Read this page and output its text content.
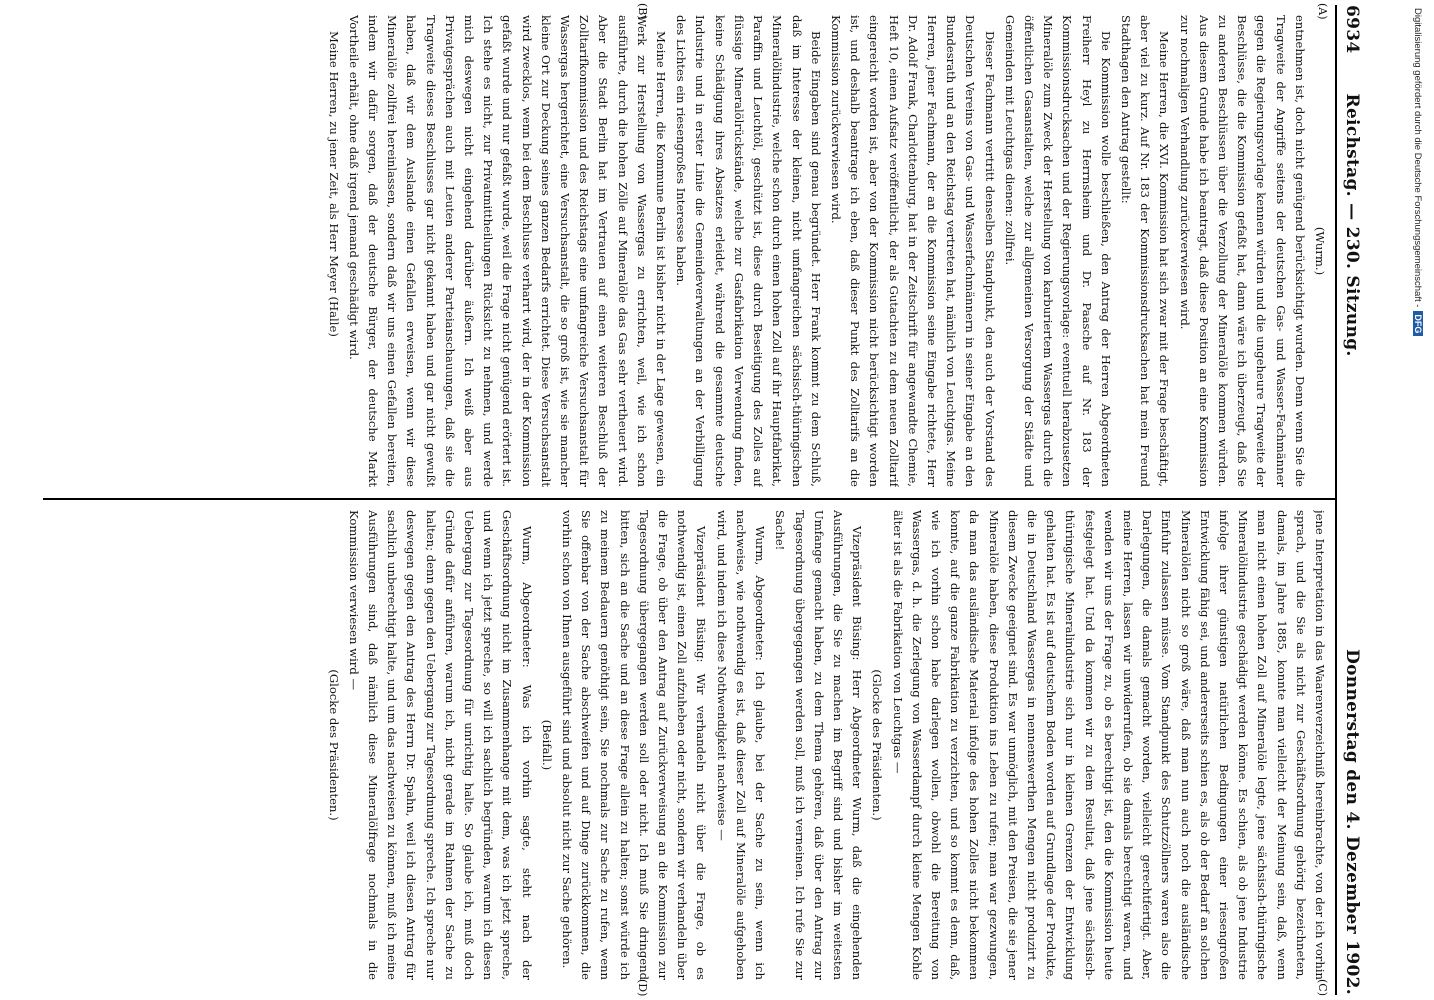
6934
Reichstag. — 230. Sitzung.
Donnerstag den 4. Dezember 1902.

(Wurm.)

entnehmen ist, doch nicht genügend berücksichtigt wurden. Denn wenn Sie die Tragweite der Angriffe seitens der deutschen Gas- und Wasser-Fachmänner gegen die Regierungsvorlage kennen würden und die ungeheure Tragweite der Beschlüsse, die die Kommission gefaßt hat, dann wäre ich überzeugt, daß Sie zu anderen Beschlüssen über die Verzollung der Mineralöle kommen würden. Aus diesem Grunde habe ich beantragt, daß diese Position an eine Kommission zur nochmaligen Verhandlung zurückverwiesen wird.

Meine Herren, die XVI. Kommission hat sich zwar mit der Frage beschäftigt, aber viel zu kurz. Auf Nr. 183 der Kommissionsdrucksachen hat mein Freund Stadthagen den Antrag gestellt:

Die Kommission wolle beschließen, den Antrag der Herren Abgeordneten Freiherr Heyl zu Herrnsheim und Dr. Paasche auf Nr. 183 der Kommissionsdrucksachen und der Regierungsvorlage: eventuell herabzusetzen Mineralöle zum Zweck der Herstellung von karburiertem Wassergas durch die öffentlichen Gasanstalten, welche zur allgemeinen Versorgung der Städte und Gemeinden mit Leuchtgas dienen: zollfrei.

Dieser Fachmann vertritt denselben Standpunkt, den auch der Vorstand des Deutschen Vereins von Gas- und Wasserfachmännern in seiner Eingabe an den Bundesrath und an den Reichstag vertreten hat, nämlich von Leuchtgas. Meine Herren, jener Fachmann, der an die Kommission seine Eingabe richtete, Herr Dr. Adolf Frank, Charlottenburg, hat in der Zeitschrift für angewandte Chemie, Heft 10, einen Aufsatz veröffentlicht, der als Gutachten zu dem neuen Zolltarif eingereicht worden ist, aber von der Kommission nicht berücksichtigt worden ist, und deshalb beantrage ich eben, daß dieser Punkt des Zolltarifs an die Kommission zurückverwiesen wird.

Beide Eingaben sind genau begründet. Herr Frank kommt zu dem Schluß, daß im Interesse der kleinen, nicht umfangreichen sächsisch-thüringischen Mineralölindustrie, welche schon durch einen hohen Zoll auf ihr Hauptfabrikat, Paraffin und Leuchtöl, geschützt ist, diese durch Beseitigung des Zolles auf flüssige Mineralölrückstände, welche zur Gasfabrikation Verwendung finden, keine Schädigung ihres Absatzes erleidet, während die gesammte deutsche Industrie und in erster Linie die Gemeindeverwaltungen an der Verbilligung des Lichtes ein riesengroßes Interesse haben.

Meine Herren, die Kommune Berlin ist bisher nicht in der Lage gewesen, ein Werk zur Herstellung von Wassergas zu errichten, weil, wie ich schon ausführte, durch die hohen Zölle auf Mineralöle das Gas sehr vertheuert wird. Aber die Stadt Berlin hat im Vertrauen auf einen weiteren Beschluß der Zolltarifkommission und des Reichstags eine umfangreiche Versuchsanstalt für Wassergas hergerichtet, eine Versuchsanstalt, die so groß ist, wie sie mancher kleine Ort zur Deckung seines ganzen Bedarfs errichtet. Diese Versuchsanstalt wird zwecklos, wenn bei dem Beschlusse verharrt wird, der in der Kommission gefaßt wurde und nur gefaßt wurde, weil die Frage nicht genügend erörtert ist. Ich stehe es nicht, zur Privatmittheilungen Rücksicht zu nehmen, und werde mich deswegen nicht eingehend darüber äußern. Ich weiß aber aus Privatgesprächen auch mit Leuten anderer Parteianschauungen, daß sie die Tragweite dieses Beschlusses gar nicht gekannt haben und gar nicht gewußt haben, daß wir dem Auslande einen Gefallen erweisen, wenn wir diese Mineralöle zollfrei hereinlassen, sondern daß wir uns einen Gefallen bereiten, indem wir dafür sorgen, daß der deutsche Bürger, der deutsche Markt Vortheile erhält, ohne daß irgend jemand geschädigt wird.

Meine Herren, zu jener Zeit, als Herr Meyer (Halle)

jene Interpretation in das Waarenverzeichniß hereinbrachte, von der ich vorhin sprach, und die Sie als nicht zur Geschäftsordnung gehörig bezeichneten, damals, im Jahre 1885, konnte man vielleicht der Meinung sein, daß, wenn man nicht einen hohen Zoll auf Mineralöle legte, jene sächsisch-thüringische Mineralölindustrie geschädigt werden könne. Es schien, als ob jene Industrie infolge ihrer günstigen natürlichen Bedingungen einer riesengroßen Entwicklung fähig sei, und andererseits schien es, als ob der Bedarf an solchen Mineralölen nicht so groß wäre, daß man nun auch noch die ausländische Einfuhr zulassen müsse. Vom Standpunkt des Schutzzöllners waren also die Darlegungen, die damals gemacht worden, vielleicht gerechtfertigt. Aber, meine Herren, lassen wir unwiderrufen, ob sie damals berechtigt waren, und wenden wir uns der Frage zu, ob es berechtigt ist, den die Kommission heute festgelegt hat. Und da kommen wir zu dem Resultat, daß jene sächsisch-thüringische Mineralindustrie sich nur in kleinen Grenzen der Entwicklung gehalten hat. Es ist auf deutschem Boden worden auf Grundlage der Produkte, die in Deutschland Wassergas in nennenswerthen Mengen nicht produzirt zu diesem Zwecke geeignet sind. Es war unmöglich, mit den Preisen, die sie jener Mineralöle haben, diese Produktion ins Leben zu rufen; man war gezwungen, da man das ausländische Material infolge des hohen Zolles nicht bekommen konnte, auf die ganze Fabrikation zu verzichten, und so kommt es denn, daß, wie ich vorhin schon habe darlegen wollen, obwohl die Bereitung von Wassergas, d. h. die Zerlegung von Wasserdampf durch kleine Mengen Kohle älter ist als die Fabrikation von Leuchtgas —

(Glocke des Präsidenten.)

Vizepräsident Büsing: Herr Abgeordneter Wurm, daß die eingehenden Ausführungen, die Sie zu machen im Begriff sind und bisher im weitesten Umfange gemacht haben, zu dem Thema gehören, daß über den Antrag zur Tagesordnung übergegangen werden soll, muß ich verneinen. Ich rufe Sie zur Sache!

Wurm, Abgeordneter: Ich glaube, bei der Sache zu sein, wenn ich nachweise, wie nothwendig es ist, daß dieser Zoll auf Mineralöle aufgehoben wird, und indem ich diese Nothwendigkeit nachweise —

Vizepräsident Büsing: Wir verhandeln nicht über die Frage, ob es nothwendig ist, einen Zoll aufzuheben oder nicht, sondern wir verhandeln über die Frage, ob über den Antrag auf Zurückverweisung an die Kommission zur Tagesordnung übergegangen werden soll oder nicht. Ich muß Sie dringend bitten, sich an die Sache und an diese Frage allein zu halten; sonst würde ich zu meinem Bedauern genöthigt sein, Sie nochmals zur Sache zu rufen, wenn Sie offenbar von der Sache abschweifen und auf Dinge zurückkommen, die vorhin schon von Ihnen ausgeführt sind und absolut nicht zur Sache gehören.

(Beifall.)

Wurm, Abgeordneter: Was ich vorhin sagte, steht nach der Geschäftsordnung nicht im Zusammenhange mit dem, was ich jetzt spreche, und wenn ich jetzt spreche, so will ich sachlich begründen, warum ich diesen Uebergang zur Tagesordnung für unrichtig halte. So glaube ich, muß doch Gründe dafür anführen, warum ich, nicht gerade im Rahmen der Sache zu halten; denn gegen den Uebergang zur Tagesordnung spreche. Ich spreche nur deswegen gegen den Antrag des Herrn Dr. Spahn, weil ich diesen Antrag für sachlich unberechtigt halte, und um das nachweisen zu können, muß ich meine Ausführungen sind, daß nämlich diese Mineralölfrage nochmals in die Kommission verwiesen wird —

(Glocke des Präsidenten.)

(A)
(B)
(C)
(D)
Digitalisierung gefördert durch die Deutsche Forschungsgemeinschaft -DFG
